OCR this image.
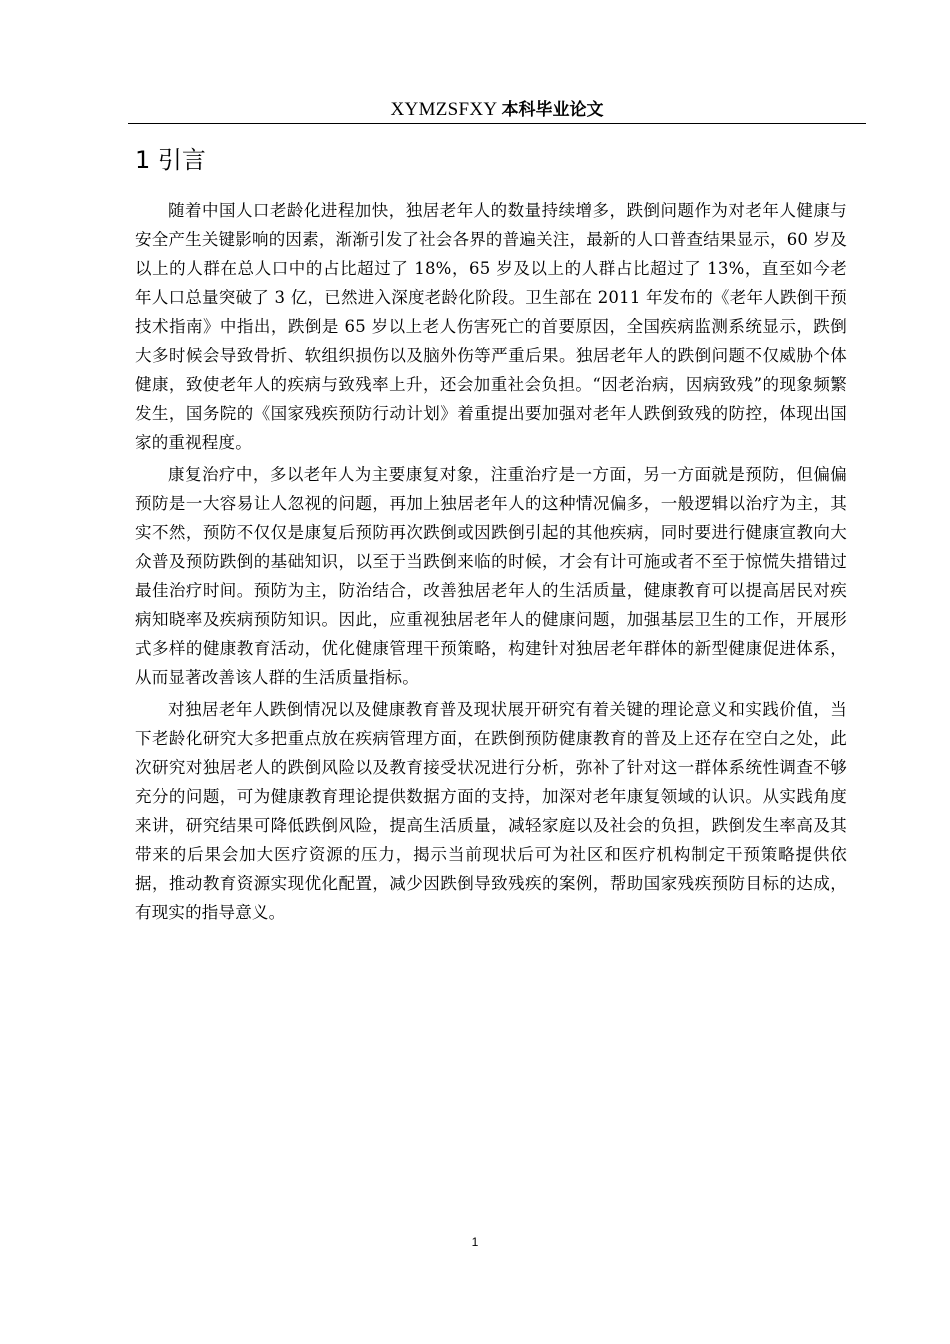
XYMZSFXY 本科毕业论文
1 引言

随着中国人口老龄化进程加快，独居老年人的数量持续增多，跌倒问题作为对老年人健康与安全产生关键影响的因素，渐渐引发了社会各界的普遍关注，最新的人口普查结果显示，60 岁及以上的人群在总人口中的占比超过了 18%，65 岁及以上的人群占比超过了 13%，直至如今老年人口总量突破了 3 亿，已然进入深度老龄化阶段。卫生部在 2011 年发布的《老年人跌倒干预技术指南》中指出，跌倒是 65 岁以上老人伤害死亡的首要原因，全国疾病监测系统显示，跌倒大多时候会导致骨折、软组织损伤以及脑外伤等严重后果。独居老年人的跌倒问题不仅威胁个体健康，致使老年人的疾病与致残率上升，还会加重社会负担。“因老治病，因病致残”的现象频繁发生，国务院的《国家残疾预防行动计划》着重提出要加强对老年人跌倒致残的防控，体现出国家的重视程度。

康复治疗中，多以老年人为主要康复对象，注重治疗是一方面，另一方面就是预防，但偏偏预防是一大容易让人忽视的问题，再加上独居老年人的这种情况偏多，一般逻辑以治疗为主，其实不然，预防不仅仅是康复后预防再次跌倒或因跌倒引起的其他疾病，同时要进行健康宣教向大众普及预防跌倒的基础知识，以至于当跌倒来临的时候，才会有计可施或者不至于惊慌失措错过最佳治疗时间。预防为主，防治结合，改善独居老年人的生活质量，健康教育可以提高居民对疾病知晓率及疾病预防知识。因此，应重视独居老年人的健康问题，加强基层卫生的工作，开展形式多样的健康教育活动，优化健康管理干预策略，构建针对独居老年群体的新型健康促进体系，从而显著改善该人群的生活质量指标。

对独居老年人跌倒情况以及健康教育普及现状展开研究有着关键的理论意义和实践价值，当下老龄化研究大多把重点放在疾病管理方面，在跌倒预防健康教育的普及上还存在空白之处，此次研究对独居老人的跌倒风险以及教育接受状况进行分析，弥补了针对这一群体系统性调查不够充分的问题，可为健康教育理论提供数据方面的支持，加深对老年康复领域的认识。从实践角度来讲，研究结果可降低跌倒风险，提高生活质量，减轻家庭以及社会的负担，跌倒发生率高及其带来的后果会加大医疗资源的压力，揭示当前现状后可为社区和医疗机构制定干预策略提供依据，推动教育资源实现优化配置，减少因跌倒导致残疾的案例，帮助国家残疾预防目标的达成，有现实的指导意义。

1
